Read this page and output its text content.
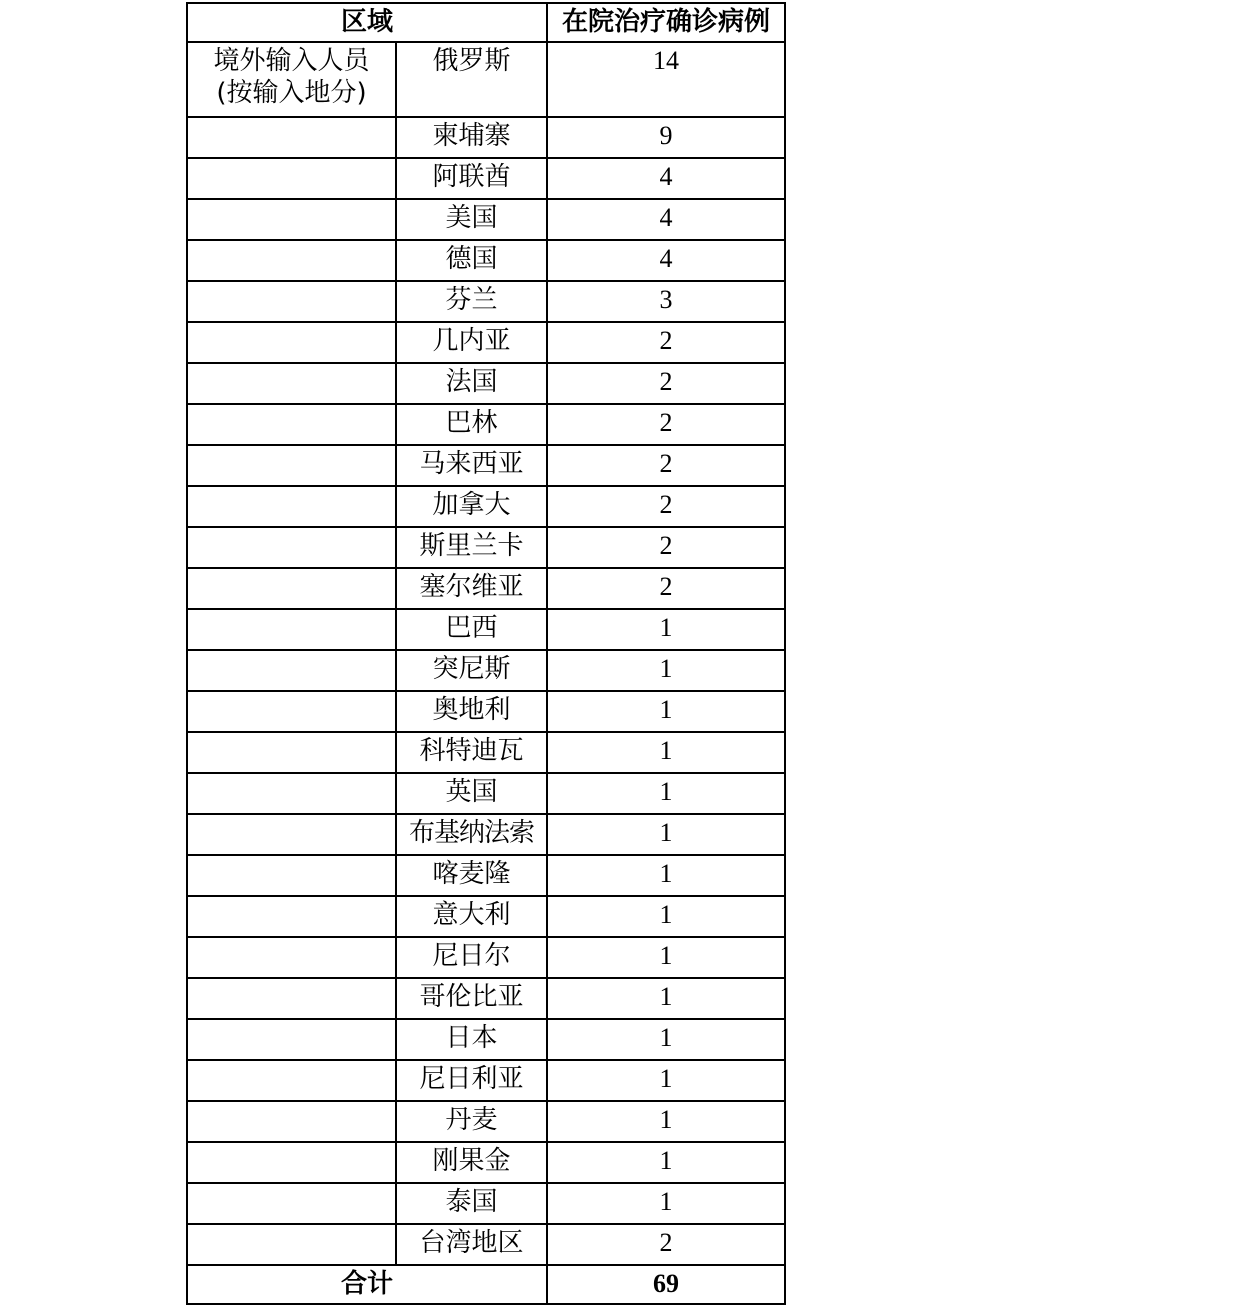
区域		在院治疗确诊病例

境外输入人员
(按输入地分)	俄罗斯	14
	柬埔寨	9
	阿联酋	4
	美国	4
	德国	4
	芬兰	3
	几内亚	2
	法国	2
	巴林	2
	马来西亚	2
	加拿大	2
	斯里兰卡	2
	塞尔维亚	2
	巴西	1
	突尼斯	1
	奥地利	1
	科特迪瓦	1
	英国	1
	布基纳法索	1
	喀麦隆	1
	意大利	1
	尼日尔	1
	哥伦比亚	1
	日本	1
	尼日利亚	1
	丹麦	1
	刚果金	1
	泰国	1
	台湾地区	2
合计		69
